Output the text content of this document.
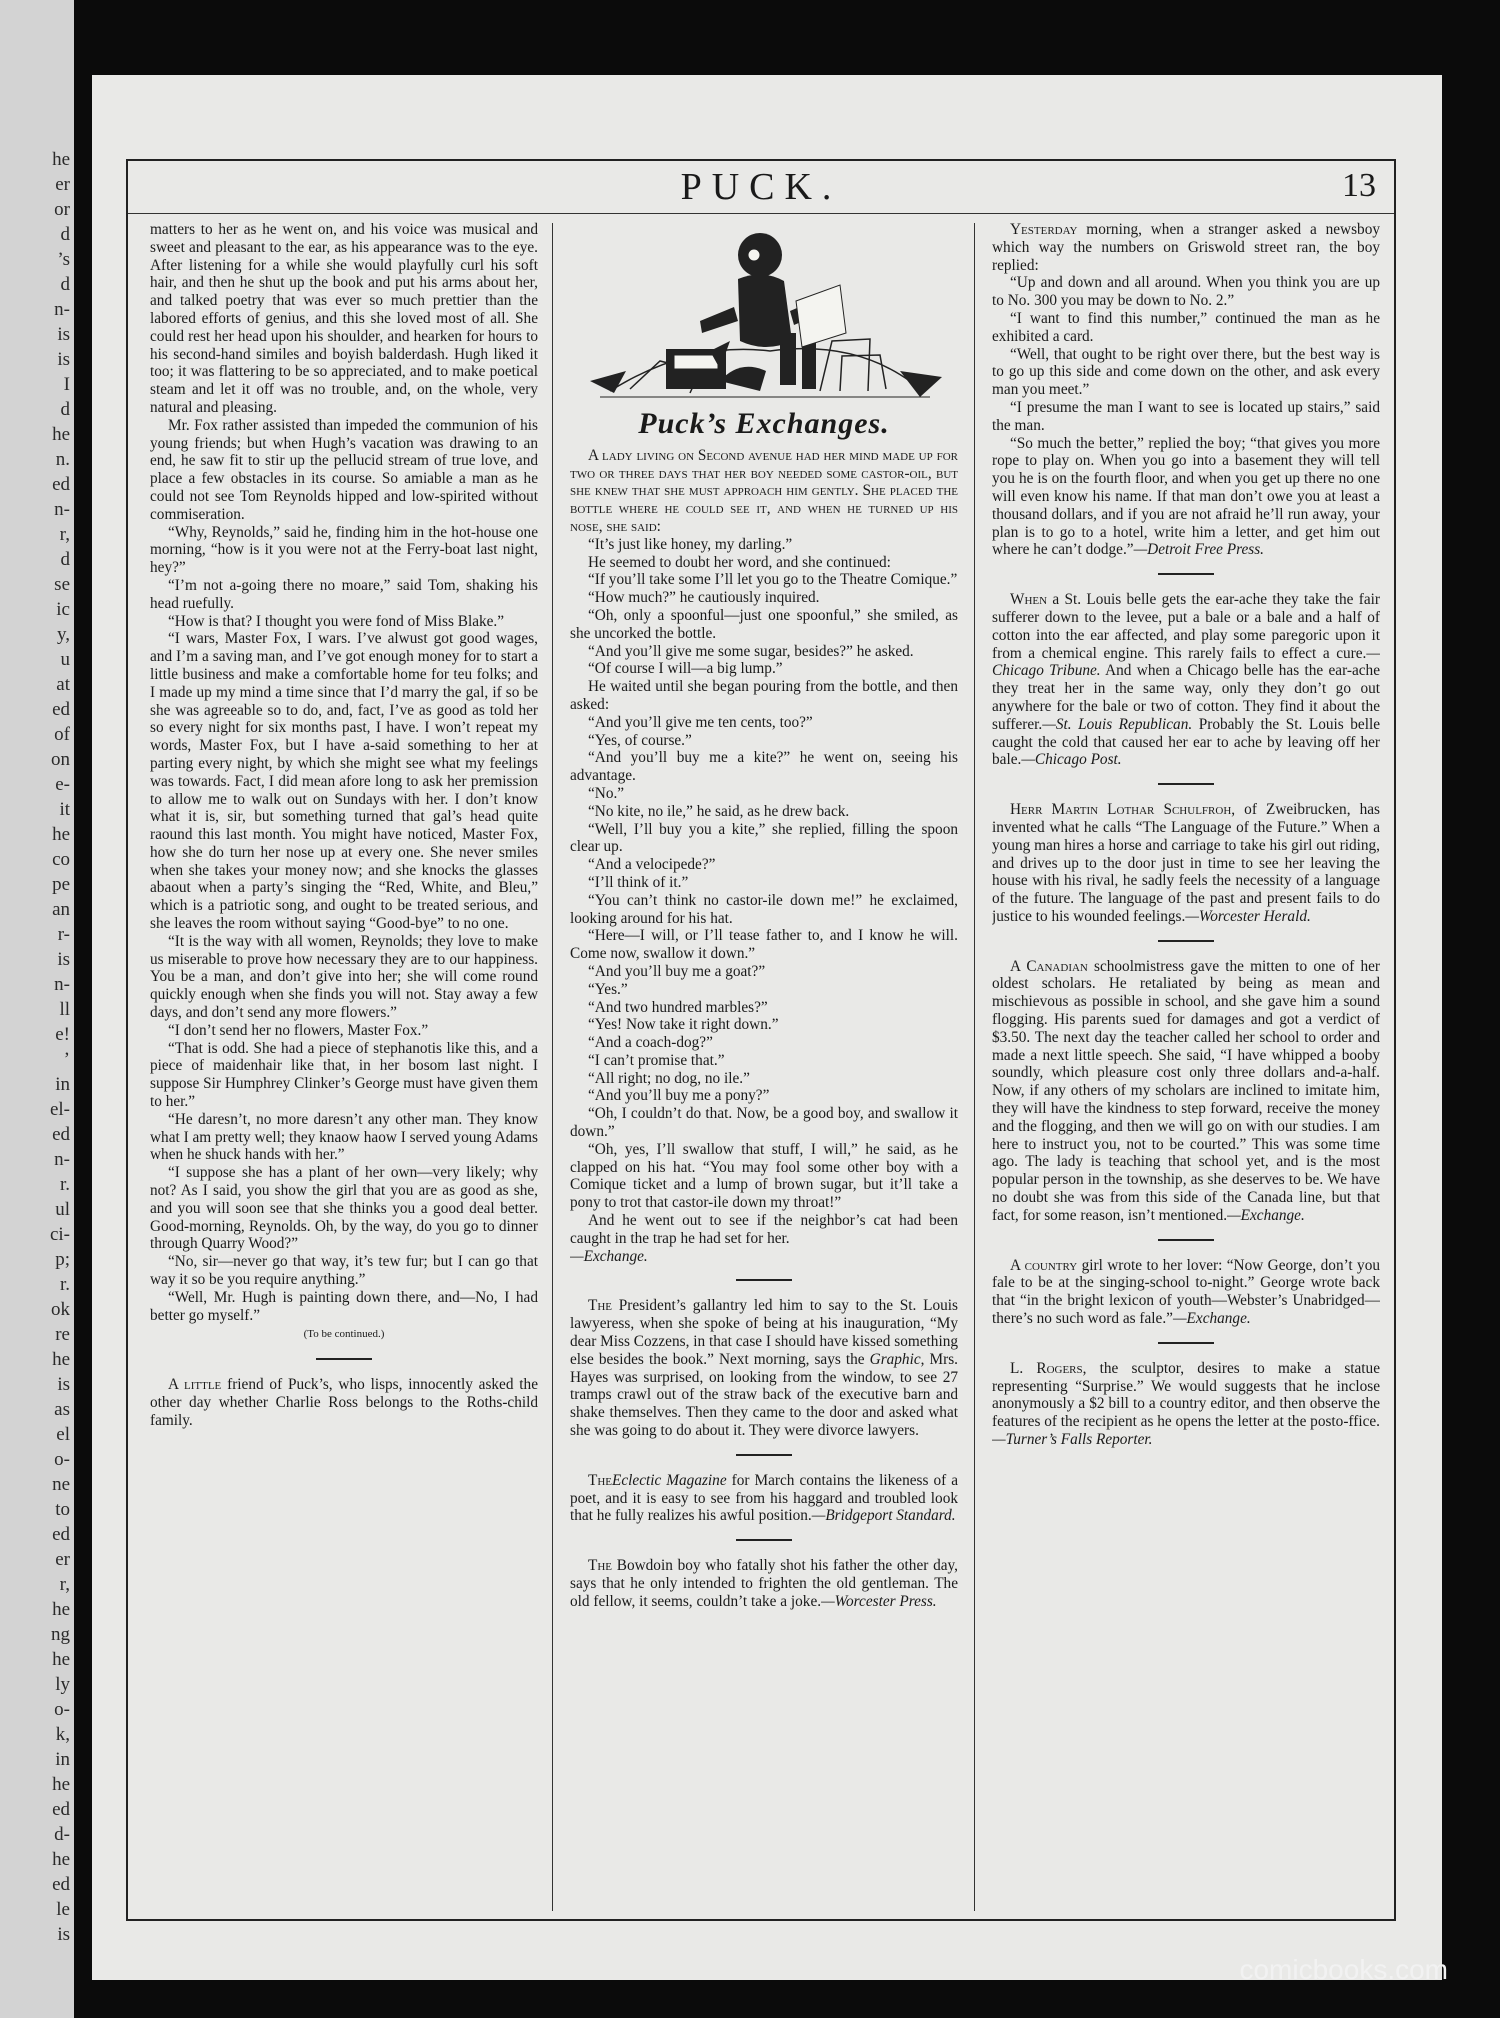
he
er
or
d
’s
d
n-
is
is
I
d
he
n.
ed
n-
r,
d
se
ic
y,
u
at
ed
of
on
e-
it
he
co
pe
an
r-
is
n-
ll
e!
’
in
el-
ed
n-
r.
ul
ci-
p;
r.
ok
re
he
is
as
el
o-
ne
to
ed
er
r,
he
ng
he
ly
o-
k,
in
he
ed
d-
he
ed
le
is
PUCK.	13

matters to her as he went on, and his voice was musical and sweet and pleasant to the ear, as his appearance was to the eye. After listening for a while she would playfully curl his soft hair, and then he shut up the book and put his arms about her, and talked poetry that was ever so much prettier than the labored efforts of genius, and this she loved most of all. She could rest her head upon his shoulder, and hearken for hours to his second-hand similes and boyish balderdash. Hugh liked it too; it was flattering to be so appreciated, and to make poetical steam and let it off was no trouble, and, on the whole, very natural and pleasing.

Mr. Fox rather assisted than impeded the communion of his young friends; but when Hugh’s vacation was drawing to an end, he saw fit to stir up the pellucid stream of true love, and place a few obstacles in its course. So amiable a man as he could not see Tom Reynolds hipped and low-spirited without commiseration.

“Why, Reynolds,” said he, finding him in the hot-house one morning, “how is it you were not at the Ferry-boat last night, hey?”

“I’m not a-going there no moare,” said Tom, shaking his head ruefully.

“How is that? I thought you were fond of Miss Blake.”

“I wars, Master Fox, I wars. I’ve alwust got good wages, and I’m a saving man, and I’ve got enough money for to start a little business and make a comfortable home for teu folks; and I made up my mind a time since that I’d marry the gal, if so be she was agreeable so to do, and, fact, I’ve as good as told her so every night for six months past, I have. I won’t repeat my words, Master Fox, but I have a-said something to her at parting every night, by which she might see what my feelings was towards. Fact, I did mean afore long to ask her premission to allow me to walk out on Sundays with her. I don’t know what it is, sir, but something turned that gal’s head quite raound this last month. You might have noticed, Master Fox, how she do turn her nose up at every one. She never smiles when she takes your money now; and she knocks the glasses abaout when a party’s singing the “Red, White, and Bleu,” which is a patriotic song, and ought to be treated serious, and she leaves the room without saying “Good-bye” to no one.

“It is the way with all women, Reynolds; they love to make us miserable to prove how necessary they are to our happiness. You be a man, and don’t give into her; she will come round quickly enough when she finds you will not. Stay away a few days, and don’t send any more flowers.”

“I don’t send her no flowers, Master Fox.”

“That is odd. She had a piece of stephanotis like this, and a piece of maidenhair like that, in her bosom last night. I suppose Sir Humphrey Clinker’s George must have given them to her.”

“He daresn’t, no more daresn’t any other man. They know what I am pretty well; they knaow haow I served young Adams when he shuck hands with her.”

“I suppose she has a plant of her own—very likely; why not? As I said, you show the girl that you are as good as she, and you will soon see that she thinks you a good deal better. Good-morning, Reynolds. Oh, by the way, do you go to dinner through Quarry Wood?”

“No, sir—never go that way, it’s tew fur; but I can go that way it so be you require anything.”

“Well, Mr. Hugh is painting down there, and—No, I had better go myself.”

(To be continued.)

A little friend of Puck’s, who lisps, innocently asked the other day whether Charlie Ross belongs to the Roths-child family.

Puck’s Exchanges.

A lady living on Second avenue had her mind made up for two or three days that her boy needed some castor-oil, but she knew that she must approach him gently. She placed the bottle where he could see it, and when he turned up his nose, she said:

“It’s just like honey, my darling.”

He seemed to doubt her word, and she continued:

“If you’ll take some I’ll let you go to the Theatre Comique.”

“How much?” he cautiously inquired.

“Oh, only a spoonful—just one spoonful,” she smiled, as she uncorked the bottle.

“And you’ll give me some sugar, besides?” he asked.

“Of course I will—a big lump.”

He waited until she began pouring from the bottle, and then asked:

“And you’ll give me ten cents, too?”

“Yes, of course.”

“And you’ll buy me a kite?” he went on, seeing his advantage.

“No.”

“No kite, no ile,” he said, as he drew back.

“Well, I’ll buy you a kite,” she replied, filling the spoon clear up.

“And a velocipede?”

“I’ll think of it.”

“You can’t think no castor-ile down me!” he exclaimed, looking around for his hat.

“Here—I will, or I’ll tease father to, and I know he will. Come now, swallow it down.”

“And you’ll buy me a goat?”

“Yes.”

“And two hundred marbles?”

“Yes! Now take it right down.”

“And a coach-dog?”

“I can’t promise that.”

“All right; no dog, no ile.”

“And you’ll buy me a pony?”

“Oh, I couldn’t do that. Now, be a good boy, and swallow it down.”

“Oh, yes, I’ll swallow that stuff, I will,” he said, as he clapped on his hat. “You may fool some other boy with a Comique ticket and a lump of brown sugar, but it’ll take a pony to trot that castor-ile down my throat!”

And he went out to see if the neighbor’s cat had been caught in the trap he had set for her.

—Exchange.

The President’s gallantry led him to say to the St. Louis lawyeress, when she spoke of being at his inauguration, “My dear Miss Cozzens, in that case I should have kissed something else besides the book.” Next morning, says the Graphic, Mrs. Hayes was surprised, on looking from the window, to see 27 tramps crawl out of the straw back of the executive barn and shake themselves. Then they came to the door and asked what she was going to do about it. They were divorce lawyers.

TheEclectic Magazine for March contains the likeness of a poet, and it is easy to see from his haggard and troubled look that he fully realizes his awful position.—Bridgeport Standard.

The Bowdoin boy who fatally shot his father the other day, says that he only intended to frighten the old gentleman. The old fellow, it seems, couldn’t take a joke.—Worcester Press.

Yesterday morning, when a stranger asked a newsboy which way the numbers on Griswold street ran, the boy replied:

“Up and down and all around. When you think you are up to No. 300 you may be down to No. 2.”

“I want to find this number,” continued the man as he exhibited a card.

“Well, that ought to be right over there, but the best way is to go up this side and come down on the other, and ask every man you meet.”

“I presume the man I want to see is located up stairs,” said the man.

“So much the better,” replied the boy; “that gives you more rope to play on. When you go into a basement they will tell you he is on the fourth floor, and when you get up there no one will even know his name. If that man don’t owe you at least a thousand dollars, and if you are not afraid he’ll run away, your plan is to go to a hotel, write him a letter, and get him out where he can’t dodge.”—Detroit Free Press.

When a St. Louis belle gets the ear-ache they take the fair sufferer down to the levee, put a bale or a bale and a half of cotton into the ear affected, and play some paregoric upon it from a chemical engine. This rarely fails to effect a cure.—Chicago Tribune. And when a Chicago belle has the ear-ache they treat her in the same way, only they don’t go out anywhere for the bale or two of cotton. They find it about the sufferer.—St. Louis Republican. Probably the St. Louis belle caught the cold that caused her ear to ache by leaving off her bale.—Chicago Post.

Herr Martin Lothar Schulfroh, of Zweibrucken, has invented what he calls “The Language of the Future.” When a young man hires a horse and carriage to take his girl out riding, and drives up to the door just in time to see her leaving the house with his rival, he sadly feels the necessity of a language of the future. The language of the past and present fails to do justice to his wounded feelings.—Worcester Herald.

A Canadian schoolmistress gave the mitten to one of her oldest scholars. He retaliated by being as mean and mischievous as possible in school, and she gave him a sound flogging. His parents sued for damages and got a verdict of $3.50. The next day the teacher called her school to order and made a next little speech. She said, “I have whipped a booby soundly, which pleasure cost only three dollars and-a-half. Now, if any others of my scholars are inclined to imitate him, they will have the kindness to step forward, receive the money and the flogging, and then we will go on with our studies. I am here to instruct you, not to be courted.” This was some time ago. The lady is teaching that school yet, and is the most popular person in the township, as she deserves to be. We have no doubt she was from this side of the Canada line, but that fact, for some reason, isn’t mentioned.—Exchange.

A country girl wrote to her lover: “Now George, don’t you fale to be at the singing-school to-night.” George wrote back that “in the bright lexicon of youth—Webster’s Unabridged—there’s no such word as fale.”—Exchange.

L. Rogers, the sculptor, desires to make a statue representing “Surprise.” We would suggests that he inclose anonymously a $2 bill to a country editor, and then observe the features of the recipient as he opens the letter at the posto-ffice.—Turner’s Falls Reporter.

comicbooks.com
